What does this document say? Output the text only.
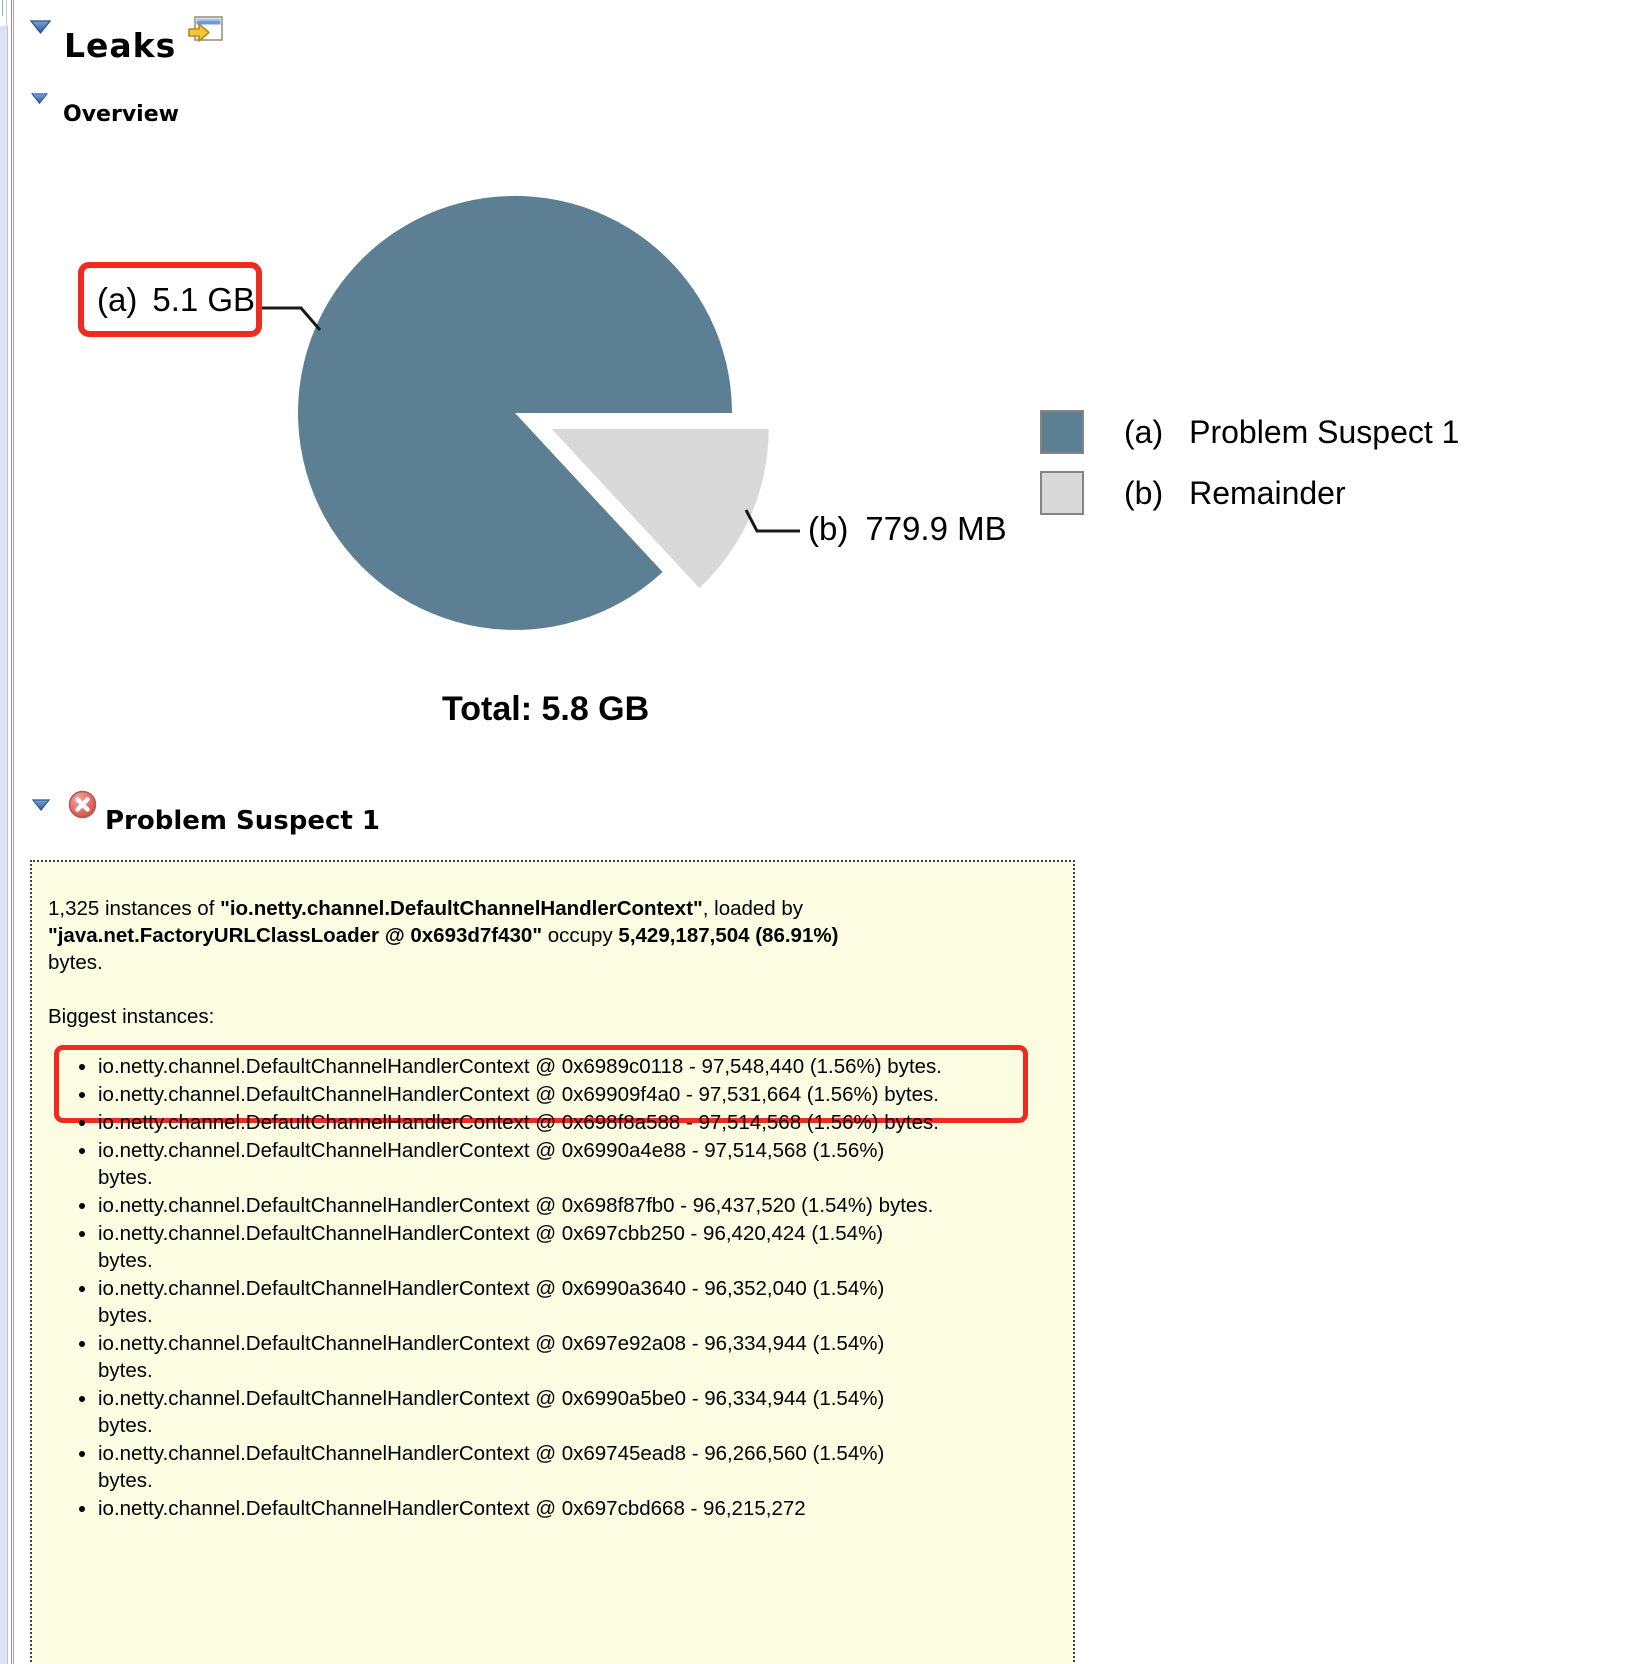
Leaks
Overview
(a) 5.1 GB
(b) 779.9 MB
(a) Problem Suspect 1
(b) Remainder
Total: 5.8 GB
Problem Suspect 1

1,325 instances of "io.netty.channel.DefaultChannelHandlerContext", loaded by "java.net.FactoryURLClassLoader @ 0x693d7f430" occupy 5,429,187,504 (86.91%) bytes.

Biggest instances:

• io.netty.channel.DefaultChannelHandlerContext @ 0x6989c0118 - 97,548,440 (1.56%) bytes.
• io.netty.channel.DefaultChannelHandlerContext @ 0x69909f4a0 - 97,531,664 (1.56%) bytes.
• io.netty.channel.DefaultChannelHandlerContext @ 0x698f8a588 - 97,514,568 (1.56%) bytes.
• io.netty.channel.DefaultChannelHandlerContext @ 0x6990a4e88 - 97,514,568 (1.56%) bytes.
• io.netty.channel.DefaultChannelHandlerContext @ 0x698f87fb0 - 96,437,520 (1.54%) bytes.
• io.netty.channel.DefaultChannelHandlerContext @ 0x697cbb250 - 96,420,424 (1.54%) bytes.
• io.netty.channel.DefaultChannelHandlerContext @ 0x6990a3640 - 96,352,040 (1.54%) bytes.
• io.netty.channel.DefaultChannelHandlerContext @ 0x697e92a08 - 96,334,944 (1.54%) bytes.
• io.netty.channel.DefaultChannelHandlerContext @ 0x6990a5be0 - 96,334,944 (1.54%) bytes.
• io.netty.channel.DefaultChannelHandlerContext @ 0x69745ead8 - 96,266,560 (1.54%) bytes.
• io.netty.channel.DefaultChannelHandlerContext @ 0x697cbd668 - 96,215,272
